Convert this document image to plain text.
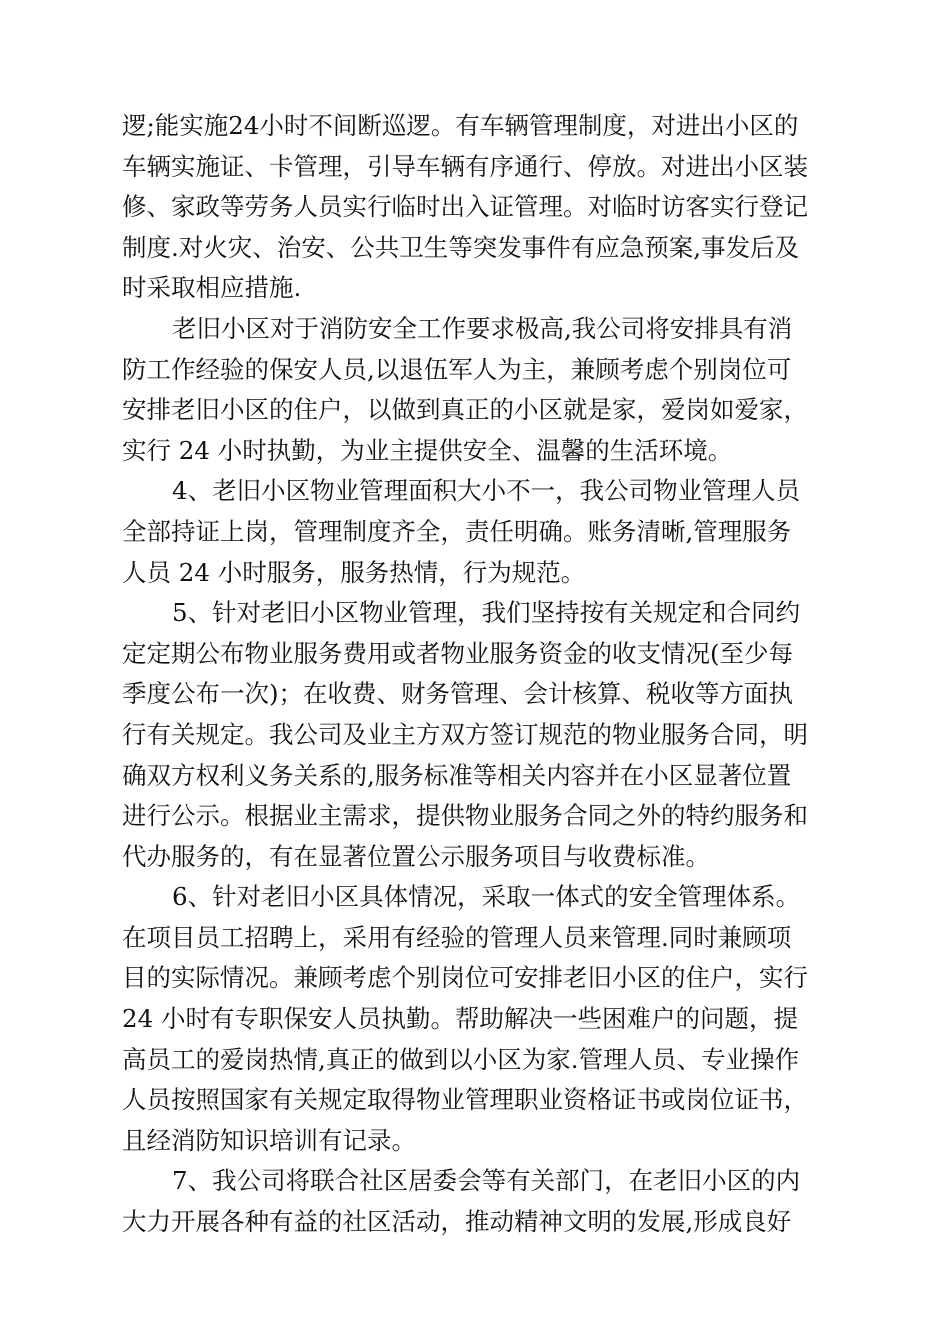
逻;能实施24小时不间断巡逻。有车辆管理制度，对进出小区的
车辆实施证、卡管理，引导车辆有序通行、停放。对进出小区装
修、家政等劳务人员实行临时出入证管理。对临时访客实行登记
制度.对火灾、治安、公共卫生等突发事件有应急预案,事发后及
时采取相应措施.
老旧小区对于消防安全工作要求极高,我公司将安排具有消
防工作经验的保安人员,以退伍军人为主，兼顾考虑个别岗位可
安排老旧小区的住户，以做到真正的小区就是家，爱岗如爱家，
实行 24 小时执勤，为业主提供安全、温馨的生活环境。
4、老旧小区物业管理面积大小不一，我公司物业管理人员
全部持证上岗，管理制度齐全，责任明确。账务清晰,管理服务
人员 24 小时服务，服务热情，行为规范。
5、针对老旧小区物业管理，我们坚持按有关规定和合同约
定定期公布物业服务费用或者物业服务资金的收支情况(至少每
季度公布一次)；在收费、财务管理、会计核算、税收等方面执
行有关规定。我公司及业主方双方签订规范的物业服务合同，明
确双方权利义务关系的,服务标准等相关内容并在小区显著位置
进行公示。根据业主需求，提供物业服务合同之外的特约服务和
代办服务的，有在显著位置公示服务项目与收费标准。
6、针对老旧小区具体情况，采取一体式的安全管理体系。
在项目员工招聘上，采用有经验的管理人员来管理.同时兼顾项
目的实际情况。兼顾考虑个别岗位可安排老旧小区的住户，实行
24 小时有专职保安人员执勤。帮助解决一些困难户的问题，提
高员工的爱岗热情,真正的做到以小区为家.管理人员、专业操作
人员按照国家有关规定取得物业管理职业资格证书或岗位证书，
且经消防知识培训有记录。
7、我公司将联合社区居委会等有关部门，在老旧小区的内
大力开展各种有益的社区活动，推动精神文明的发展,形成良好
